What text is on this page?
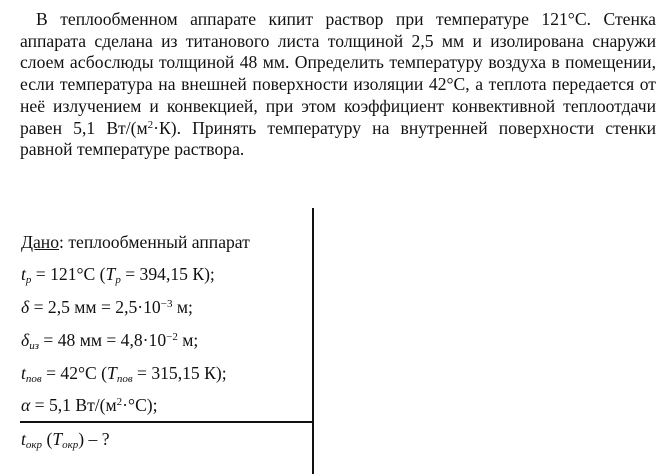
В теплообменном аппарате кипит раствор при температуре 121°С. Стенка аппарата сделана из титанового листа толщиной 2,5 мм и изолирована снаружи слоем асбослюды толщиной 48 мм. Определить температуру воздуха в помещении, если температура на внешней поверхности изоляции 42°С, а теплота передается от неё излучением и конвекцией, при этом коэффициент конвективной теплоотдачи равен 5,1 $Вт/(м^2\cdot К)$. Принять температуру на внутренней поверхности стенки равной температуре раствора.
Дано: теплообменный аппарат
$t_р = 121^\circ С$ ($T_р = 394,15$ К);
δ = 2,5 мм = $2,5\cdot 10^{-3}$ м;
$\delta_{из} = 48$ мм = $4,8\cdot 10^{-2}$ м;
$t_{пов} = 42^\circ С$ ($T_{пов} = 315,15$ К);
α = 5,1 $Вт/(м^2\cdot^\circ С)$;
$t_{окр}$ $(T_{окр})$ – ?
